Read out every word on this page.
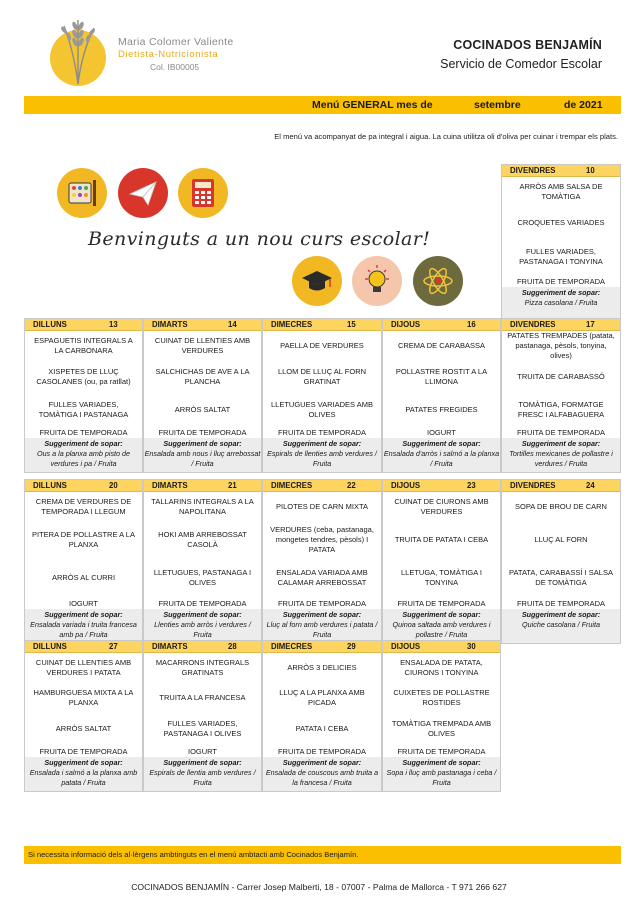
Maria Colomer Valiente
Dietista-Nutricionista
Col. IB00005
COCINADOS BENJAMÍN
Servicio de Comedor Escolar
Menú GENERAL mes de	setembre	de 2021
El menú va acompanyat de pa integral i aigua. La cuina utilitza oli d'oliva per cuinar i trempar els plats.
Benvinguts a un nou curs escolar!
DIVENDRES	10
ARRÒS AMB SALSA DE TOMÀTIGA
CROQUETES VARIADES
FULLES VARIADES, PASTANAGA I TONYINA
FRUITA DE TEMPORADA
Suggeriment de sopar:
Pizza casolana / Fruita
DILLUNS	13
ESPAGUETIS INTEGRALS A LA CARBONARA
XISPETES DE LLUÇ CASOLANES (ou, pa ratllat)
FULLES VARIADES, TOMÀTIGA I PASTANAGA
FRUITA DE TEMPORADA
Suggeriment de sopar:
Ous a la planxa amb pisto de verdures i pa / Fruita
DIMARTS	14
CUINAT DE LLENTIES AMB VERDURES
SALCHICHAS DE AVE A LA PLANCHA
ARRÒS SALTAT
FRUITA DE TEMPORADA
Suggeriment de sopar:
Ensalada amb nous i lluç arrebossat / Fruita
DIMECRES	15
PAELLA DE VERDURES
LLOM DE LLUÇ AL FORN GRATINAT
LLETUGUES VARIADES AMB OLIVES
FRUITA DE TEMPORADA
Suggeriment de sopar:
Espirals de llenties amb verdures / Fruita
DIJOUS	16
CREMA DE CARABASSA
POLLASTRE ROSTIT A LA LLIMONA
PATATES FREGIDES
IOGURT
Suggeriment de sopar:
Ensalada d'arròs i salmó a la planxa / Fruita
DIVENDRES	17
PATATES TREMPADES (patata, pastanaga, pèsols, tonyina, olives)
TRUITA DE CARABASSÓ
TOMÀTIGA, FORMATGE FRESC I ALFABAGUERA
FRUITA DE TEMPORADA
Suggeriment de sopar:
Tortilles mexicanes de pollastre i verdures / Fruita
DILLUNS	20
CREMA DE VERDURES DE TEMPORADA I LLEGUM
PITERA DE POLLASTRE A LA PLANXA
ARRÒS AL CURRI
IOGURT
Suggeriment de sopar:
Ensalada variada i truita francesa amb pa / Fruita
DIMARTS	21
TALLARINS INTEGRALS A LA NAPOLITANA
HOKI AMB ARREBOSSAT CASOLÀ
LLETUGUES, PASTANAGA I OLIVES
FRUITA DE TEMPORADA
Suggeriment de sopar:
Llenties amb arròs i verdures / Fruita
DIMECRES	22
PILOTES DE CARN MIXTA
VERDURES (ceba, pastanaga, mongetes tendres, pèsols) I PATATA
ENSALADA VARIADA AMB CALAMAR ARREBOSSAT
FRUITA DE TEMPORADA
Suggeriment de sopar:
Lluç al forn amb verdures i patata / Fruita
DIJOUS	23
CUINAT DE CIURONS AMB VERDURES
TRUITA DE PATATA I CEBA
LLETUGA, TOMÀTIGA I TONYINA
FRUITA DE TEMPORADA
Suggeriment de sopar:
Quinoa saltada amb verdures i pollastre / Fruita
DIVENDRES	24
SOPA DE BROU DE CARN
LLUÇ AL FORN
PATATA, CARABASSÍ I SALSA DE TOMÀTIGA
FRUITA DE TEMPORADA
Suggeriment de sopar:
Quiche casolana / Fruita
DILLUNS	27
CUINAT DE LLENTIES AMB VERDURES I PATATA
HAMBURGUESA MIXTA A LA PLANXA
ARRÒS SALTAT
FRUITA DE TEMPORADA
Suggeriment de sopar:
Ensalada i salmó a la planxa amb patata / Fruita
DIMARTS	28
MACARRONS INTEGRALS GRATINATS
TRUITA A LA FRANCESA
FULLES VARIADES, PASTANAGA I OLIVES
IOGURT
Suggeriment de sopar:
Espirals de llentia amb verdures / Fruita
DIMECRES	29
ARRÒS 3 DELICIES
LLUÇ A LA PLANXA AMB PICADA
PATATA I CEBA
FRUITA DE TEMPORADA
Suggeriment de sopar:
Ensalada de couscous amb truita a la francesa / Fruita
DIJOUS	30
ENSALADA DE PATATA, CIURONS I TONYINA
CUIXETES DE POLLASTRE ROSTIDES
TOMÀTIGA TREMPADA AMB OLIVES
FRUITA DE TEMPORADA
Suggeriment de sopar:
Sopa i lluç amb pastanaga i ceba / Fruita
Si necessita informació dels al·lèrgens ambtinguts en el menú ambtacti amb Cocinados Benjamín.
COCINADOS BENJAMÍN - Carrer Josep Malberti, 18 - 07007 - Palma de Mallorca - T 971 266 627
